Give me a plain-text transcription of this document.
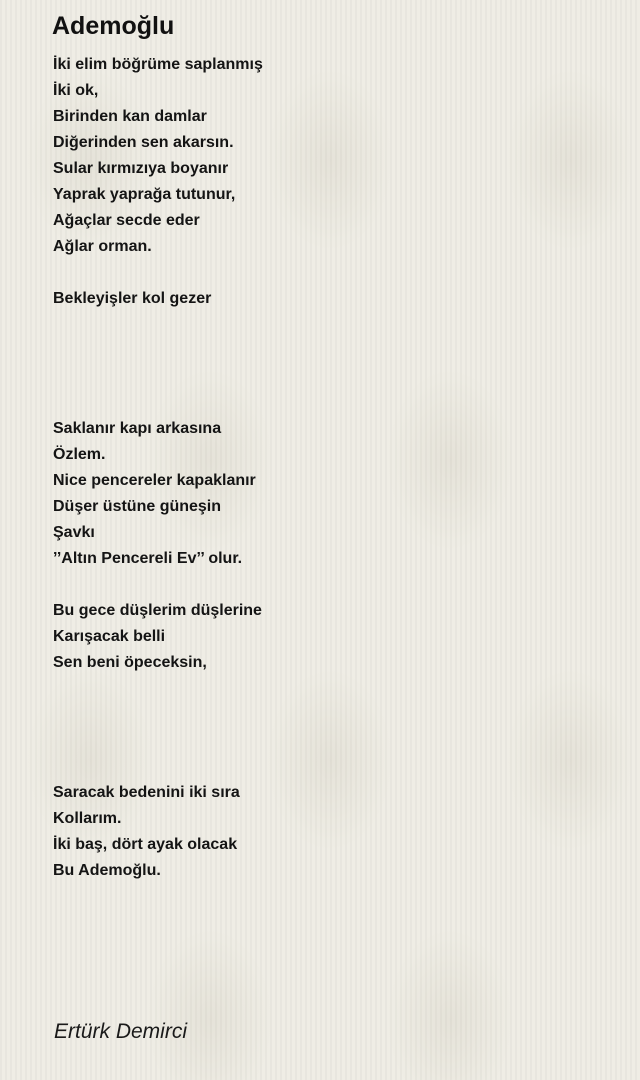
Ademoğlu
İki elim böğrüme saplanmış
İki ok,
Birinden kan damlar
Diğerinden sen akarsın.
Sular kırmızıya boyanır
Yaprak yaprağa tutunur,
Ağaçlar secde eder
Ağlar orman.
Bekleyişler kol gezer
Saklanır kapı arkasına
Özlem.
Nice pencereler kapaklanır
Düşer üstüne güneşin
Şavkı
’’Altın Pencereli Ev’’ olur.
Bu gece düşlerim düşlerine
Karışacak belli
Sen beni öpeceksin,
Saracak bedenini iki sıra
Kollarım.
İki baş, dört ayak olacak
Bu Ademoğlu.
Ertürk Demirci
